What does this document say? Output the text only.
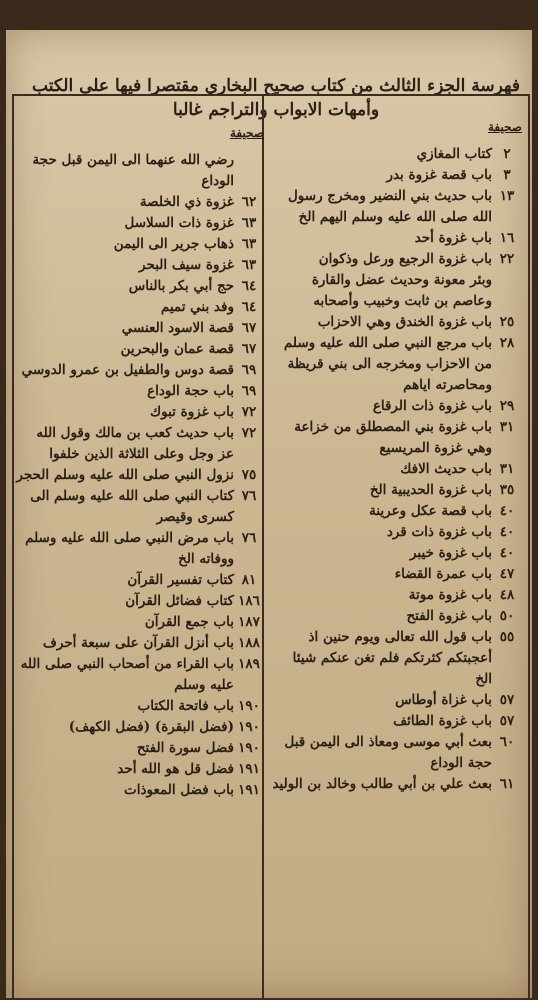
فهرسة الجزء الثالث من كتاب صحيح البخاري مقتصرا فيها على الكتب
وأمهات الابواب والتراجم غالبا
صحيفة
٢
كتاب المغازي
٣
باب قصة غزوة بدر
١٣
باب حديث بني النضير ومخرج رسول
الله صلى الله عليه وسلم اليهم الخ
١٦
باب غزوة أحد
٢٢
باب غزوة الرجيع ورعل وذكوان
وبئر معونة وحديث عضل والقارة
وعاصم بن ثابت وخبيب وأصحابه
٢٥
باب غزوة الخندق وهي الاحزاب
٢٨
باب مرجع النبي صلى الله عليه وسلم
من الاحزاب ومخرجه الى بني قريظة
ومحاصرته اياهم
٢٩
باب غزوة ذات الرقاع
٣١
باب غزوة بني المصطلق من خزاعة
وهي غزوة المريسيع
٣١
باب حديث الافك
٣٥
باب غزوة الحديبية الخ
٤٠
باب قصة عكل وعرينة
٤٠
باب غزوة ذات قرد
٤٠
باب غزوة خيبر
٤٧
باب عمرة القضاء
٤٨
باب غزوة موتة
٥٠
باب غزوة الفتح
٥٥
باب قول الله تعالى ويوم حنين اذ
أعجبتكم كثرتكم فلم تغن عنكم شيئا الخ
٥٧
باب غزاة أوطاس
٥٧
باب غزوة الطائف
٦٠
بعث أبي موسى ومعاذ الى اليمن قبل
حجة الوداع
٦١
بعث علي بن أبي طالب وخالد بن الوليد
صحيفة
رضي الله عنهما الى اليمن قبل حجة الوداع
٦٢
غزوة ذي الخلصة
٦٣
غزوة ذات السلاسل
٦٣
ذهاب جرير الى اليمن
٦٣
غزوة سيف البحر
٦٤
حج أبي بكر بالناس
٦٤
وفد بني تميم
٦٧
قصة الاسود العنسي
٦٧
قصة عمان والبحرين
٦٩
قصة دوس والطفيل بن عمرو الدوسي
٦٩
باب حجة الوداع
٧٢
باب غزوة تبوك
٧٢
باب حديث كعب بن مالك وقول الله
عز وجل وعلى الثلاثة الذين خلفوا
٧٥
نزول النبي صلى الله عليه وسلم الحجر
٧٦
كتاب النبي صلى الله عليه وسلم الى
كسرى وقيصر
٧٦
باب مرض النبي صلى الله عليه وسلم
ووفاته الخ
٨١
كتاب تفسير القرآن
١٨٦
كتاب فضائل القرآن
١٨٧
باب جمع القرآن
١٨٨
باب أنزل القرآن على سبعة أحرف
١٨٩
باب القراء من أصحاب النبي صلى الله
عليه وسلم
١٩٠
باب فاتحة الكتاب
١٩٠
(فضل البقرة) (فضل الكهف)
١٩٠
فضل سورة الفتح
١٩١
فضل قل هو الله أحد
١٩١
باب فضل المعوذات
